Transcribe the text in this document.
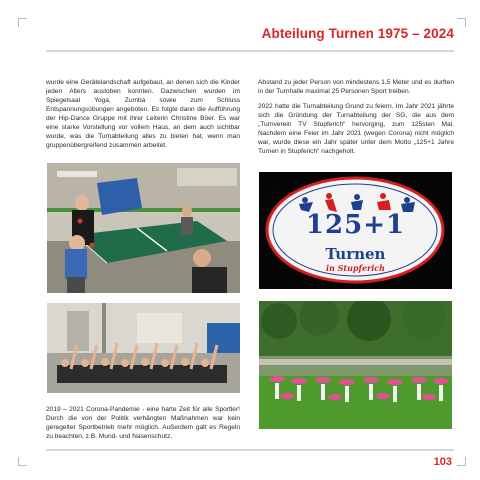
Abteilung Turnen 1975 – 2024

wurde eine Gerätelandschaft aufgebaut, an denen sich die Kinder jeden Alters austoben konnten. Dazwischen wurden im Spiegelsaal Yoga, Zumba sowie zum Schluss Entspannungsübungen angeboten. Es folgte dann die Aufführung der Hip-Dance Gruppe mit ihrer Leiterin Christine Böer. Es war eine starke Vorstellung vor vollem Haus, an dem auch sichtbar wurde, was die Turnabteilung alles zu bieten hat, wenn man gruppenübergreifend zusammen arbeitet.

Abstand zu jeder Person von mindestens 1,5 Meter und es durften in der Turnhalle maximal 25 Personen Sport treiben.

2022 hatte die Turnabteilung Grund zu feiern. Im Jahr 2021 jährte sich die Gründung der Turnabteilung der SG, die aus dem „Turnverein TV Stupferich“ hervorging, zum 125sten Mal. Nachdem eine Feier im Jahr 2021 (wegen Corona) nicht möglich war, wurde diese ein Jahr später unter dem Motto „125+1 Jahre Turnen in Stupferich“ nachgeholt.

125+1
Turnen
in Stupferich

2019 – 2021 Corona-Pandemie - eine harte Zeit für alle Sportler! Durch die von der Politik verhängten Maßnahmen war kein geregelter Sportbetrieb mehr möglich. Außerdem galt es Regeln zu beachten, z.B. Mund- und Nasenschutz,

103
